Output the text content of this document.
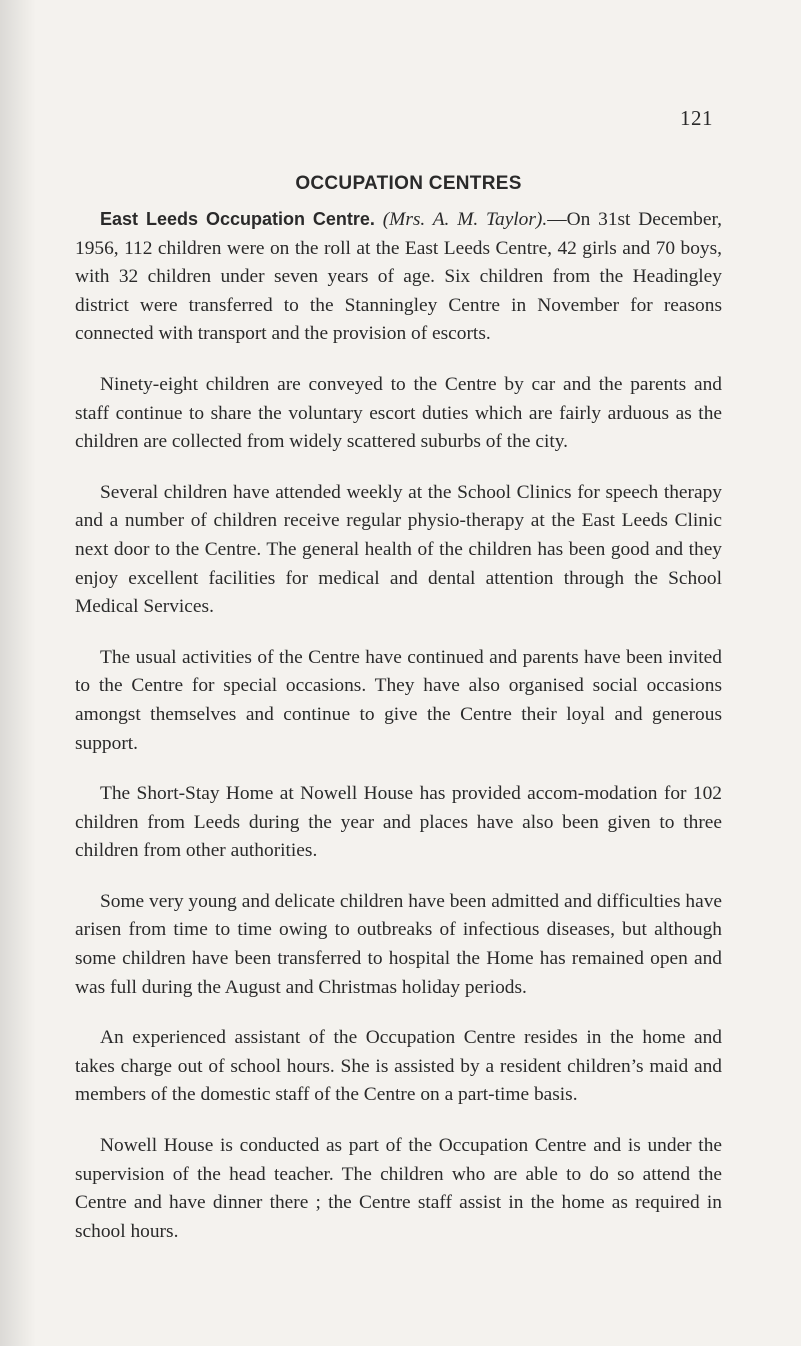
121

OCCUPATION CENTRES

East Leeds Occupation Centre. (Mrs. A. M. Taylor).—On 31st December, 1956, 112 children were on the roll at the East Leeds Centre, 42 girls and 70 boys, with 32 children under seven years of age. Six children from the Headingley district were transferred to the Stanningley Centre in November for reasons connected with transport and the provision of escorts.

Ninety-eight children are conveyed to the Centre by car and the parents and staff continue to share the voluntary escort duties which are fairly arduous as the children are collected from widely scattered suburbs of the city.

Several children have attended weekly at the School Clinics for speech therapy and a number of children receive regular physio-therapy at the East Leeds Clinic next door to the Centre. The general health of the children has been good and they enjoy excellent facilities for medical and dental attention through the School Medical Services.

The usual activities of the Centre have continued and parents have been invited to the Centre for special occasions. They have also organised social occasions amongst themselves and continue to give the Centre their loyal and generous support.

The Short-Stay Home at Nowell House has provided accom-modation for 102 children from Leeds during the year and places have also been given to three children from other authorities.

Some very young and delicate children have been admitted and difficulties have arisen from time to time owing to outbreaks of infectious diseases, but although some children have been transferred to hospital the Home has remained open and was full during the August and Christmas holiday periods.

An experienced assistant of the Occupation Centre resides in the home and takes charge out of school hours. She is assisted by a resident children’s maid and members of the domestic staff of the Centre on a part-time basis.

Nowell House is conducted as part of the Occupation Centre and is under the supervision of the head teacher. The children who are able to do so attend the Centre and have dinner there ; the Centre staff assist in the home as required in school hours.
